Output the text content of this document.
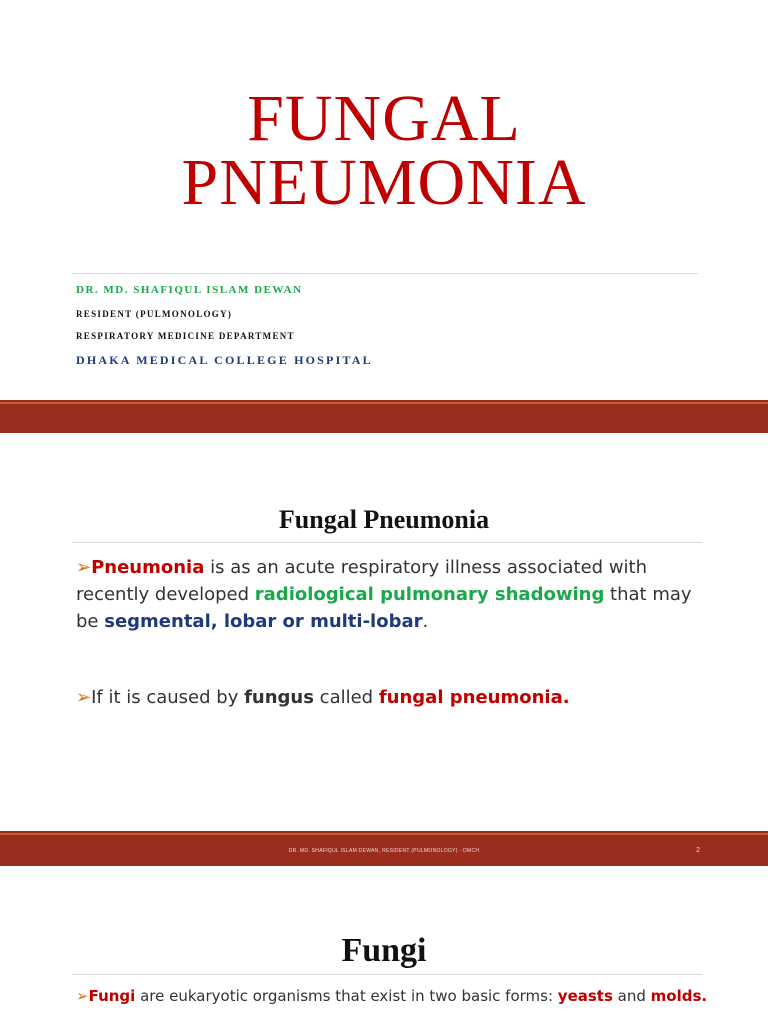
FUNGAL
PNEUMONIA
DR. MD. SHAFIQUL ISLAM DEWAN
RESIDENT (PULMONOLOGY)
RESPIRATORY MEDICINE DEPARTMENT
DHAKA MEDICAL COLLEGE HOSPITAL
Fungal Pneumonia
➢Pneumonia is as an acute respiratory illness associated with recently developed radiological pulmonary shadowing that may be segmental, lobar or multi-lobar.
➢If it is caused by fungus called fungal pneumonia.
DR. MD. SHAFIQUL ISLAM DEWAN, RESIDENT (PULMONOLOGY) - DMCH	2
Fungi
➢Fungi are eukaryotic organisms that exist in two basic forms: yeasts and molds.
